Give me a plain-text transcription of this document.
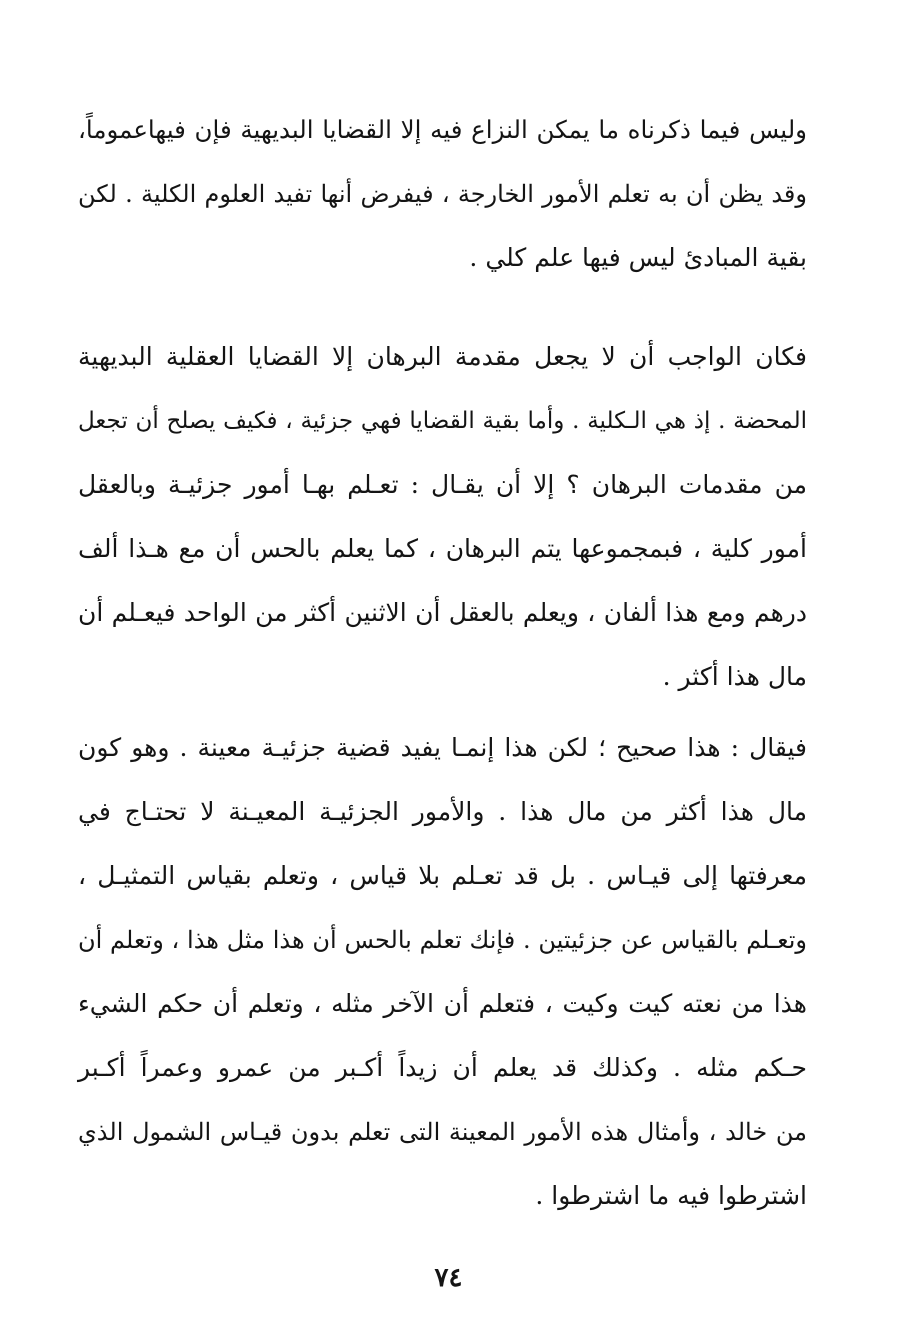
وليس فيما ذكرناه ما يمكن النزاع فيه إلا القضايا البديهية فإن فيهاعموماً،
وقد يظن أن به تعلم الأمور الخارجة ، فيفرض أنها تفيد العلوم الكلية . لكن
بقية المبادئ ليس فيها علم كلي .
فكان الواجب أن لا يجعل مقدمة البرهان إلا القضايا العقلية البديهية
المحضة . إذ هي الـكلية . وأما بقية القضايا فهي جزئية ، فكيف يصلح أن تجعل
من مقدمات البرهان ؟ إلا أن يقـال : تعـلم بهـا أمور جزئيـة وبالعقل
أمور كلية ، فبمجموعها يتم البرهان ، كما يعلم بالحس أن مع هـذا ألف
درهم ومع هذا ألفان ، ويعلم بالعقل أن الاثنين أكثر من الواحد فيعـلم أن
مال هذا أكثر .
فيقال : هذا صحيح ؛ لكن هذا إنمـا يفيد قضية جزئيـة معينة . وهو كون
مال هذا أكثر من مال هذا . والأمور الجزئيـة المعيـنة لا تحتـاج في
معرفتها إلى قيـاس . بل قد تعـلم بلا قياس ، وتعلم بقياس التمثيـل ،
وتعـلم بالقياس عن جزئيتين . فإنك تعلم بالحس أن هذا مثل هذا ، وتعلم أن
هذا من نعته كيت وكيت ، فتعلم أن الآخر مثله ، وتعلم أن حكم الشيء
حـكم مثله . وكذلك قد يعلم أن زيداً أكـبر من عمرو وعمراً أكـبر
من خالد ، وأمثال هذه الأمور المعينة التى تعلم بدون قيـاس الشمول الذي
اشترطوا فيه ما اشترطوا .
٧٤
